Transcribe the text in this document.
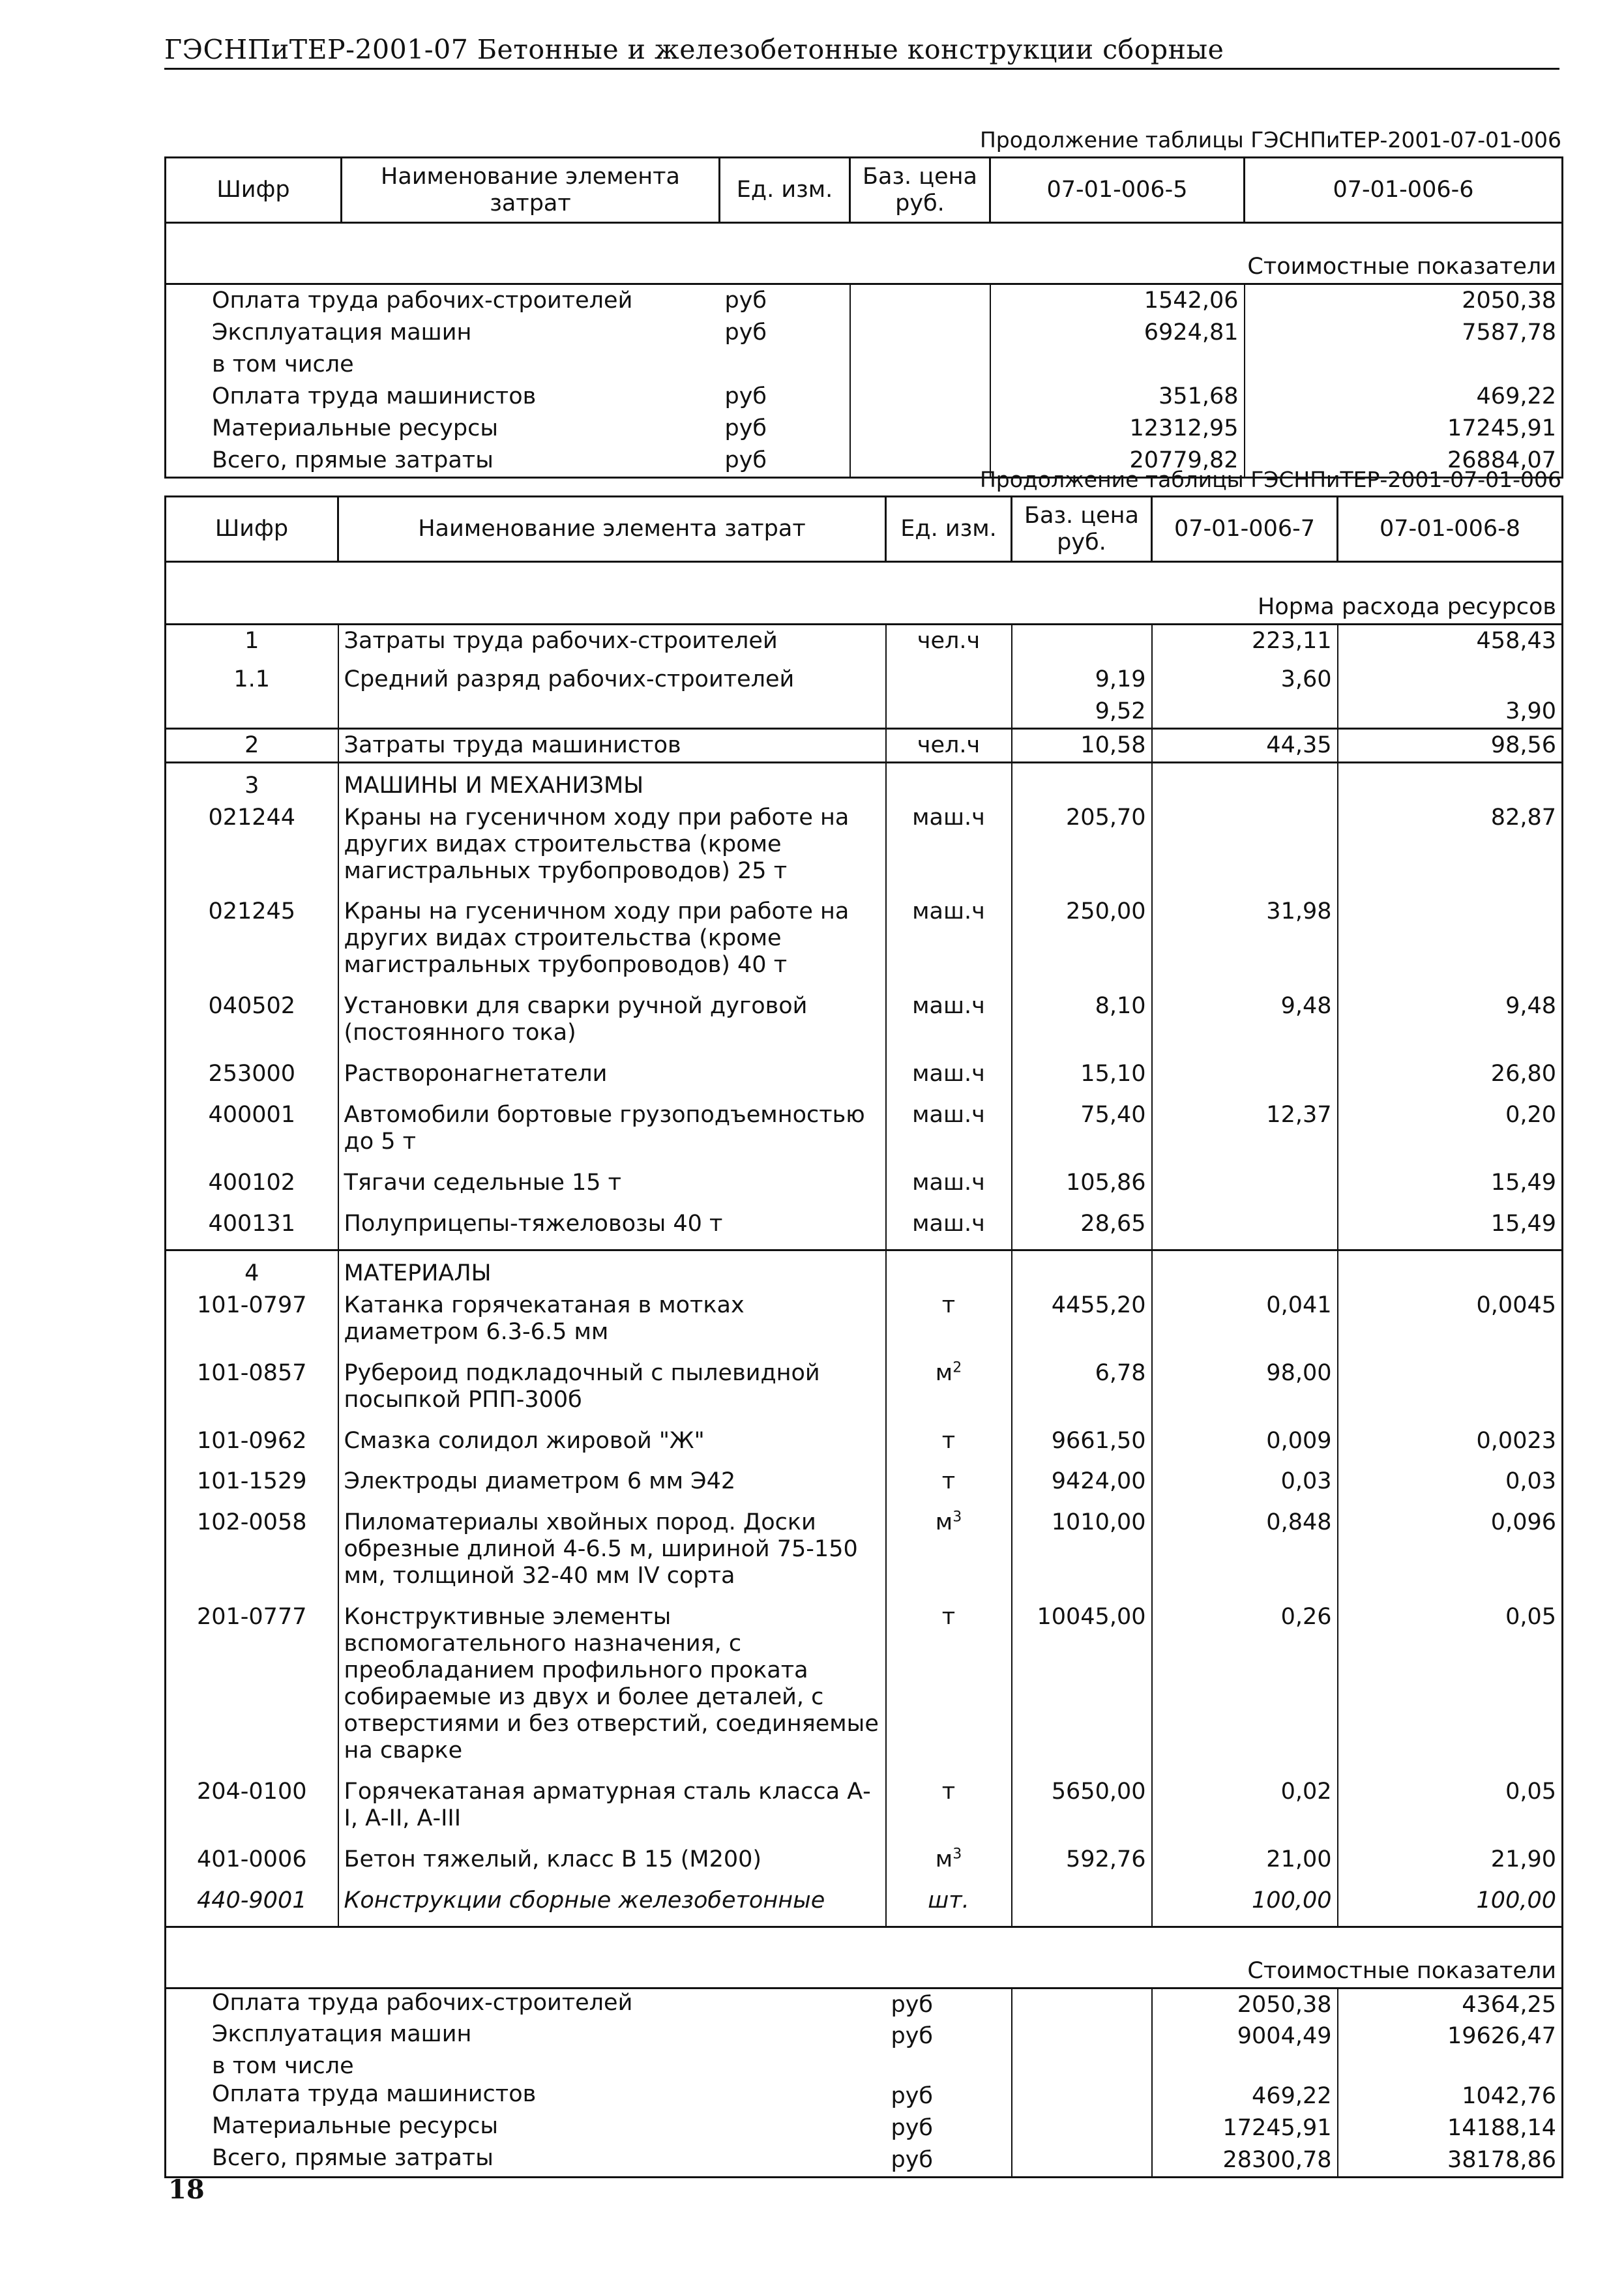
ГЭСНПиТЕР-2001-07 Бетонные и железобетонные конструкции сборные
Продолжение таблицы ГЭСНПиТЕР-2001-07-01-006
Шифр	Наименование элемента затрат	Ед. изм.	Баз. цена руб.	07-01-006-5	07-01-006-6
Стоимостные показатели					
Оплата труда рабочих-строителей		руб		1542,06	2050,38
Эксплуатация машин		руб		6924,81	7587,78
в том числе					
Оплата труда машинистов		руб		351,68	469,22
Материальные ресурсы		руб		12312,95	17245,91
Всего, прямые затраты		руб		20779,82	26884,07
Продолжение таблицы ГЭСНПиТЕР-2001-07-01-006
Шифр	Наименование элемента затрат	Ед. изм.	Баз. цена руб.	07-01-006-7	07-01-006-8
Норма расхода ресурсов					
1	Затраты труда рабочих-строителей	чел.ч		223,11	458,43
1.1	Средний разряд рабочих-строителей		9,19	3,60	
			9,52		3,90
2	Затраты труда машинистов	чел.ч	10,58	44,35	98,56
3	МАШИНЫ И МЕХАНИЗМЫ				
021244	Краны на гусеничном ходу при работе на других видах строительства (кроме магистральных трубопроводов) 25 т	маш.ч	205,70		82,87
021245	Краны на гусеничном ходу при работе на других видах строительства (кроме магистральных трубопроводов) 40 т	маш.ч	250,00	31,98	
040502	Установки для сварки ручной дуговой (постоянного тока)	маш.ч	8,10	9,48	9,48
253000	Растворонагнетатели	маш.ч	15,10		26,80
400001	Автомобили бортовые грузоподъемностью до 5 т	маш.ч	75,40	12,37	0,20
400102	Тягачи седельные 15 т	маш.ч	105,86		15,49
400131	Полуприцепы-тяжеловозы 40 т	маш.ч	28,65		15,49
4	МАТЕРИАЛЫ				
101-0797	Катанка горячекатаная в мотках диаметром 6.3-6.5 мм	т	4455,20	0,041	0,0045
101-0857	Рубероид подкладочный с пылевидной посыпкой РПП-300б	$м^2$	6,78	98,00	
101-0962	Смазка солидол жировой "Ж"	т	9661,50	0,009	0,0023
101-1529	Электроды диаметром 6 мм Э42	т	9424,00	0,03	0,03
102-0058	Пиломатериалы хвойных пород. Доски обрезные длиной 4-6.5 м, шириной 75-150 мм, толщиной 32-40 мм IV сорта	$м^3$	1010,00	0,848	0,096
201-0777	Конструктивные элементы вспомогательного назначения, с преобладанием профильного проката собираемые из двух и более деталей, с отверстиями и без отверстий, соединяемые на сварке	т	10045,00	0,26	0,05
204-0100	Горячекатаная арматурная сталь класса А-I, А-II, А-III	т	5650,00	0,02	0,05
401-0006	Бетон тяжелый, класс В 15 (М200)	$м^3$	592,76	21,00	21,90
440-9001	Конструкции сборные железобетонные	шт.		100,00	100,00
Стоимостные показатели					
Оплата труда рабочих-строителей		руб		2050,38	4364,25
Эксплуатация машин		руб		9004,49	19626,47
в том числе					
Оплата труда машинистов		руб		469,22	1042,76
Материальные ресурсы		руб		17245,91	14188,14
Всего, прямые затраты		руб		28300,78	38178,86
18
